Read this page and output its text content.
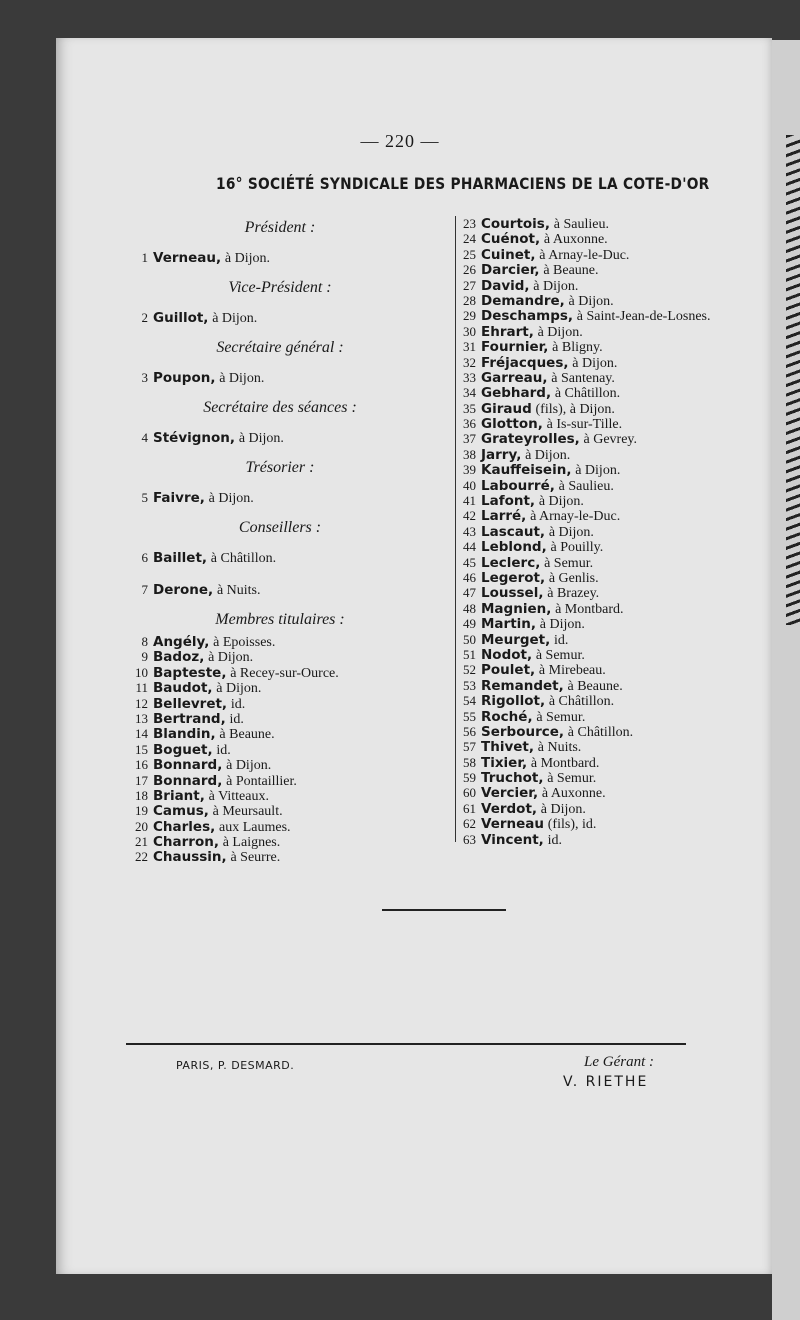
— 220 —
16° SOCIÉTÉ SYNDICALE DES PHARMACIENS DE LA COTE-D'OR
Président :
1 Verneau, à Dijon.
Vice-Président :
2 Guillot, à Dijon.
Secrétaire général :
3 Poupon, à Dijon.
Secrétaire des séances :
4 Stévignon, à Dijon.
Trésorier :
5 Faivre, à Dijon.
Conseillers :
6 Baillet, à Châtillon.
7 Derone, à Nuits.
Membres titulaires :
8 Angély, à Epoisses.
9 Badoz, à Dijon.
10 Bapteste, à Recey-sur-Ource.
11 Baudot, à Dijon.
12 Bellevret, id.
13 Bertrand, id.
14 Blandin, à Beaune.
15 Boguet, id.
16 Bonnard, à Dijon.
17 Bonnard, à Pontaillier.
18 Briant, à Vitteaux.
19 Camus, à Meursault.
20 Charles, aux Laumes.
21 Charron, à Laignes.
22 Chaussin, à Seurre.
23 Courtois, à Saulieu.
24 Cuénot, à Auxonne.
25 Cuinet, à Arnay-le-Duc.
26 Darcier, à Beaune.
27 David, à Dijon.
28 Demandre, à Dijon.
29 Deschamps, à Saint-Jean-de-Losnes.
30 Ehrart, à Dijon.
31 Fournier, à Bligny.
32 Fréjacques, à Dijon.
33 Garreau, à Santenay.
34 Gebhard, à Châtillon.
35 Giraud (fils), à Dijon.
36 Glotton, à Is-sur-Tille.
37 Grateyrolles, à Gevrey.
38 Jarry, à Dijon.
39 Kauffeisein, à Dijon.
40 Labourré, à Saulieu.
41 Lafont, à Dijon.
42 Larré, à Arnay-le-Duc.
43 Lascaut, à Dijon.
44 Leblond, à Pouilly.
45 Leclerc, à Semur.
46 Legerot, à Genlis.
47 Loussel, à Brazey.
48 Magnien, à Montbard.
49 Martin, à Dijon.
50 Meurget, id.
51 Nodot, à Semur.
52 Poulet, à Mirebeau.
53 Remandet, à Beaune.
54 Rigollot, à Châtillon.
55 Roché, à Semur.
56 Serbource, à Châtillon.
57 Thivet, à Nuits.
58 Tixier, à Montbard.
59 Truchot, à Semur.
60 Vercier, à Auxonne.
61 Verdot, à Dijon.
62 Verneau (fils), id.
63 Vincent, id.
PARIS, P. DESMARD.	Le Gérant :
V. RIETHE
